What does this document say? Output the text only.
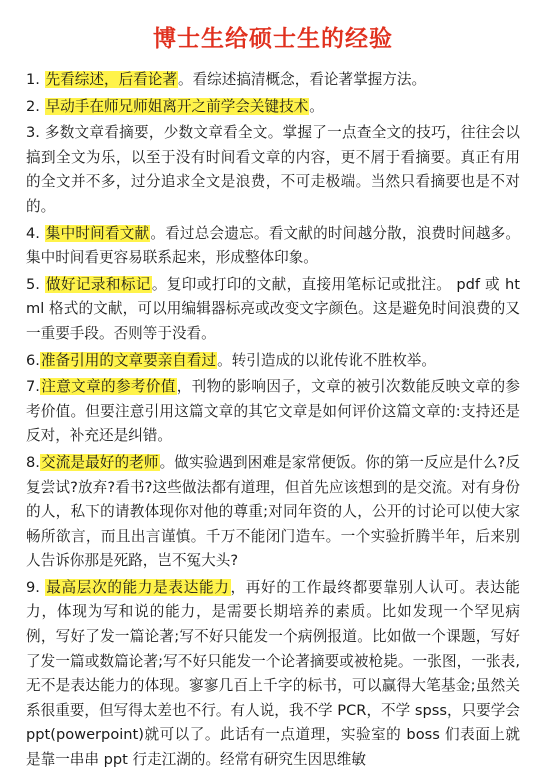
博士生给硕士生的经验

1. 先看综述，后看论著。看综述搞清概念，看论著掌握方法。

2. 早动手在师兄师姐离开之前学会关键技术。

3. 多数文章看摘要，少数文章看全文。掌握了一点查全文的技巧，往往会以搞到全文为乐，以至于没有时间看文章的内容，更不屑于看摘要。真正有用的全文并不多，过分追求全文是浪费，不可走极端。当然只看摘要也是不对的。

4. 集中时间看文献。看过总会遗忘。看文献的时间越分散，浪费时间越多。集中时间看更容易联系起来，形成整体印象。

5. 做好记录和标记。复印或打印的文献，直接用笔标记或批注。 pdf 或 html 格式的文献，可以用编辑器标亮或改变文字颜色。这是避免时间浪费的又一重要手段。否则等于没看。

6.准备引用的文章要亲自看过。转引造成的以讹传讹不胜枚举。

7.注意文章的参考价值，刊物的影响因子，文章的被引次数能反映文章的参考价值。但要注意引用这篇文章的其它文章是如何评价这篇文章的:支持还是反对，补充还是纠错。

8.交流是最好的老师。做实验遇到困难是家常便饭。你的第一反应是什么?反复尝试?放弃?看书?这些做法都有道理，但首先应该想到的是交流。对有身份的人，私下的请教体现你对他的尊重;对同年资的人，公开的讨论可以使大家畅所欲言，而且出言谨慎。千万不能闭门造车。一个实验折腾半年，后来别人告诉你那是死路，岂不冤大头?

9. 最高层次的能力是表达能力，再好的工作最终都要靠别人认可。表达能力，体现为写和说的能力，是需要长期培养的素质。比如发现一个罕见病例，写好了发一篇论著;写不好只能发一个病例报道。比如做一个课题，写好了发一篇或数篇论著;写不好只能发一个论著摘要或被枪毙。一张图，一张表,无不是表达能力的体现。寥寥几百上千字的标书，可以赢得大笔基金;虽然关系很重要，但写得太差也不行。有人说，我不学 PCR，不学 spss，只要学会 ppt(powerpoint)就可以了。此话有一点道理，实验室的 boss 们表面上就是靠一串串 ppt 行走江湖的。经常有研究生因思维敏
